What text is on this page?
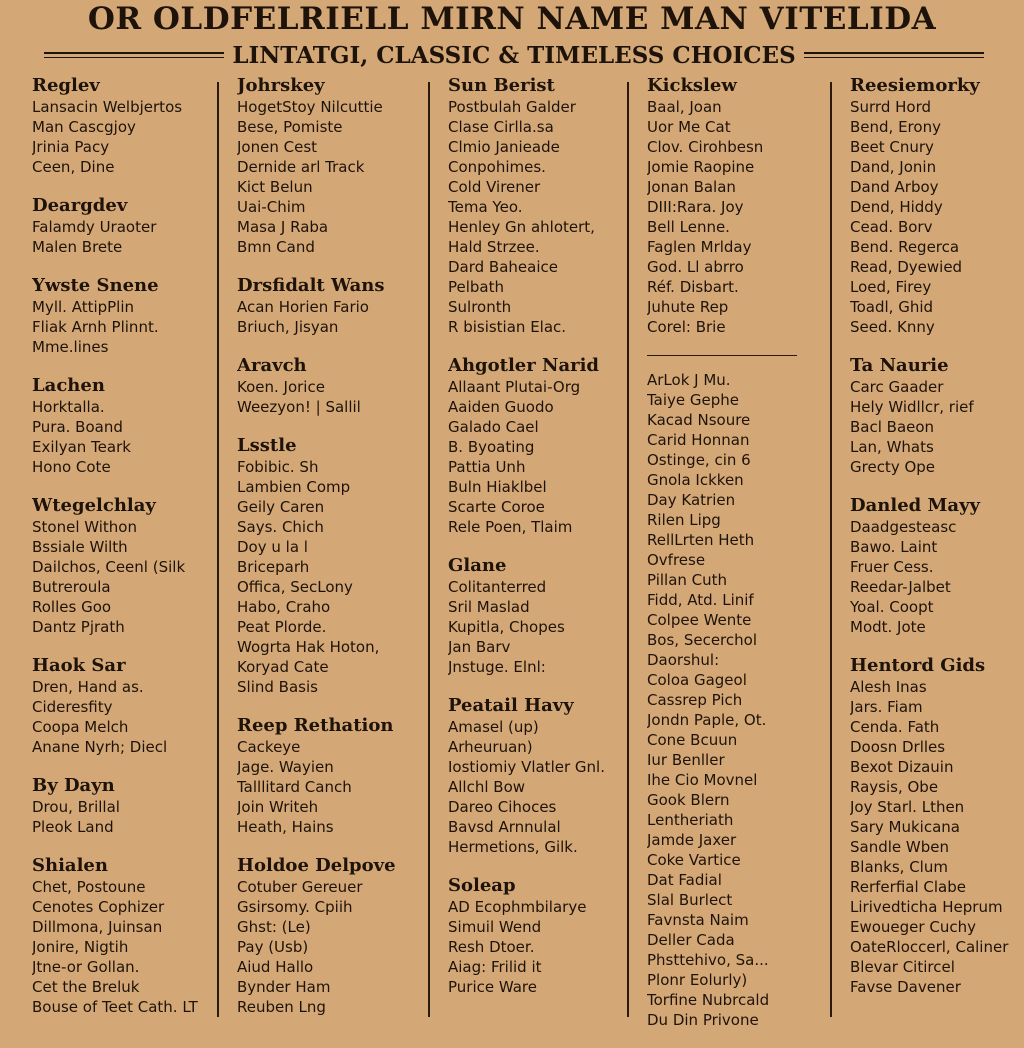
OR OLDFELRIELL MIRN NAME MAN VITELIDA
LINTATGI, CLASSIC & TIMELESS CHOICES
Reglev
Lansacin Welbjertos
Man Cascgjoy
Jrinia Pacy
Ceen, Dine
Deargdev
Falamdy Uraoter
Malen Brete
Ywste Snene
Myll. AttipPlin
Fliak Arnh Plinnt.
Mme.lines
Lachen
Horktalla.
Pura. Boand
Exilyan Teark
Hono Cote
Wtegelchlay
Stonel Withon
Bssiale Wilth
Dailchos, Ceenl (Silk
Butreroula
Rolles Goo
Dantz Pjrath
Haok Sar
Dren, Hand as.
Cideresfity
Coopa Melch
Anane Nyrh; Diecl
By Dayn
Drou, Brillal
Pleok Land
Shialen
Chet, Postoune
Cenotes Cophizer
Dillmona, Juinsan
Jonire, Nigtih
Jtne-or Gollan.
Cet the Breluk
Bouse of Teet Cath. LT
Johrskey
HogetStoy Nilcuttie
Bese, Pomiste
Jonen Cest
Dernide arl Track
Kict Belun
Uai-Chim
Masa J Raba
Bmn Cand
Drsfidalt Wans
Acan Horien Fario
Briuch, Jisyan
Aravch
Koen. Jorice
Weezyon! | Sallil
Lsstle
Fobibic. Sh
Lambien Comp
Geily Caren
Says. Chich
Doy u la l
Briceparh
Offica, SecLony
Habo, Craho
Peat Plorde.
Wogrta Hak Hoton,
Koryad Cate
Slind Basis
Reep Rethation
Cackeye
Jage. Wayien
Talllitard Canch
Join Writeh
Heath, Hains
Holdoe Delpove
Cotuber Gereuer
Gsirsomy. Cpiih
Ghst: (Le)
Pay (Usb)
Aiud Hallo
Bynder Ham
Reuben Lng
Sun Berist
Postbulah Galder
Clase Cirlla.sa
Clmio Janieade
Conpohimes.
Cold Virener
Tema Yeo.
Henley Gn ahlotert,
Hald Strzee.
Dard Baheaice
Pelbath
Sulronth
R bisistian Elac.
Ahgotler Narid
Allaant Plutai-Org
Aaiden Guodo
Galado Cael
B. Byoating
Pattia Unh
Buln Hiaklbel
Scarte Coroe
Rele Poen, Tlaim
Glane
Colitanterred
Sril Maslad
Kupitla, Chopes
Jan Barv
Jnstuge. Elnl:
Peatail Havy
Amasel (up)
Arheuruan)
Iostiomiy Vlatler Gnl.
Allchl Bow
Dareo Cihoces
Bavsd Arnnulal
Hermetions, Gilk.
Soleap
AD Ecophmbilarye
Simuil Wend
Resh Dtoer.
Aiag: Frilid it
Purice Ware
Kickslew
Baal, Joan
Uor Me Cat
Clov. Cirohbesn
Jomie Raopine
Jonan Balan
DIII:Rara. Joy
Bell Lenne.
Faglen Mrlday
God. Ll abrro
Réf. Disbart.
Juhute Rep
Corel: Brie
ArLok J Mu.
Taiye Gephe
Kacad Nsoure
Carid Honnan
Ostinge, cin 6
Gnola Ickken
Day Katrien
Rilen Lipg
RellLrten Heth
Ovfrese
Pillan Cuth
Fidd, Atd. Linif
Colpee Wente
Bos, Secerchol
Daorshul:
Coloa Gageol
Cassrep Pich
Jondn Paple, Ot.
Cone Bcuun
Iur Benller
Ihe Cio Movnel
Gook Blern
Lentheriath
Jamde Jaxer
Coke Vartice
Dat Fadial
Slal Burlect
Favnsta Naim
Deller Cada
Phsttehivo, Sa...
Plonr Eolurly)
Torfine Nubrcald
Du Din Privone
Reesiemorky
Surrd Hord
Bend, Erony
Beet Cnury
Dand, Jonin
Dand Arboy
Dend, Hiddy
Cead. Borv
Bend. Regerca
Read, Dyewied
Loed, Firey
Toadl, Ghid
Seed. Knny
Ta Naurie
Carc Gaader
Hely Widllcr, rief
Bacl Baeon
Lan, Whats
Grecty Ope
Danled Mayy
Daadgesteasc
Bawo. Laint
Fruer Cess.
Reedar-Jalbet
Yoal. Coopt
Modt. Jote
Hentord Gids
Alesh Inas
Jars. Fiam
Cenda. Fath
Doosn Drlles
Bexot Dizauin
Raysis, Obe
Joy Starl. Lthen
Sary Mukicana
Sandle Wben
Blanks, Clum
Rerferfial Clabe
Lirivedticha Heprum
Ewoueger Cuchy
OateRloccerl, Caliner
Blevar Citircel
Favse Davener
